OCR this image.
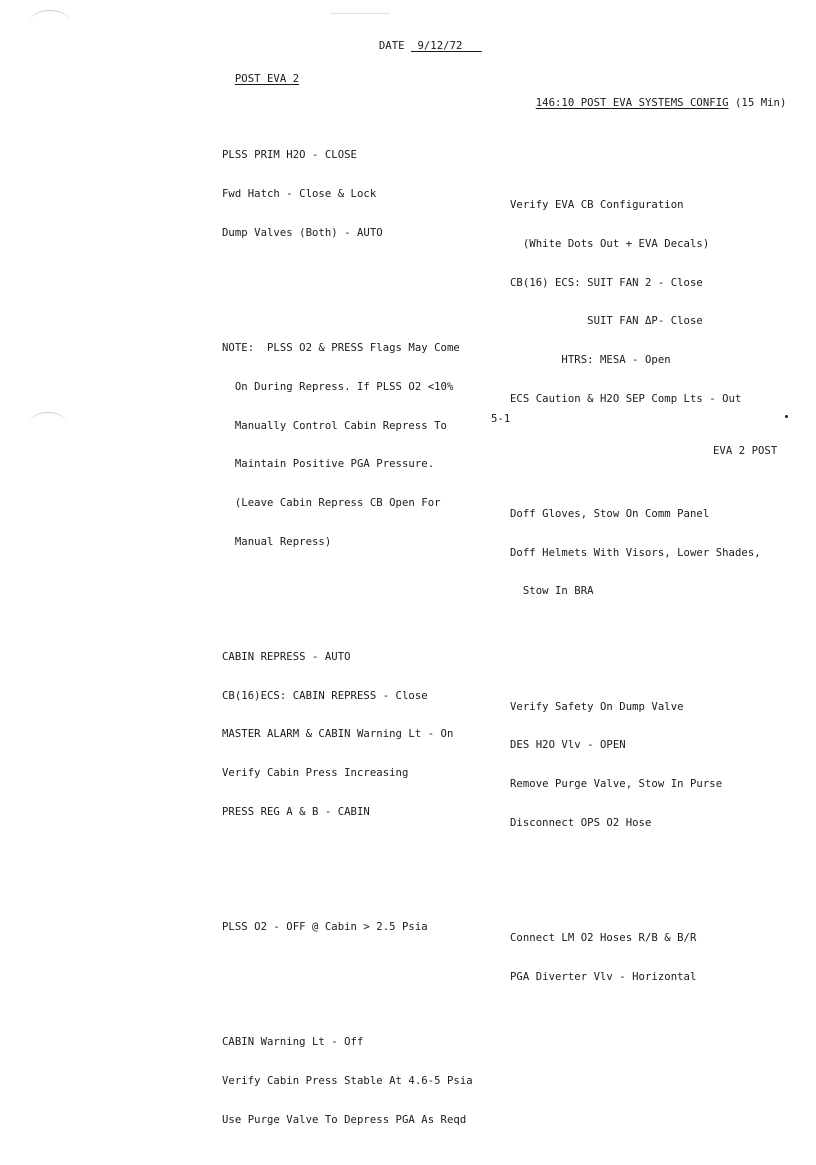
DATE 9/12/72

POST EVA 2

PLSS PRIM H2O - CLOSE

Fwd Hatch - Close & Lock

Dump Valves (Both) - AUTO

NOTE:  PLSS O2 & PRESS Flags May Come

On During Repress. If PLSS O2 <10%

Manually Control Cabin Repress To

Maintain Positive PGA Pressure.

(Leave Cabin Repress CB Open For

Manual Repress)

CABIN REPRESS - AUTO

CB(16)ECS: CABIN REPRESS - Close

MASTER ALARM & CABIN Warning Lt - On

Verify Cabin Press Increasing

PRESS REG A & B - CABIN

PLSS O2 - OFF @ Cabin > 2.5 Psia

CABIN Warning Lt - Off

Verify Cabin Press Stable At 4.6-5 Psia

Use Purge Valve To Depress PGA As Reqd

146:10 POST EVA SYSTEMS CONFIG (15 Min)

Verify EVA CB Configuration

(White Dots Out + EVA Decals)

CB(16) ECS: SUIT FAN 2 - Close

SUIT FAN ΔP- Close

HTRS: MESA - Open

ECS Caution & H2O SEP Comp Lts - Out

Doff Gloves, Stow On Comm Panel

Doff Helmets With Visors, Lower Shades,

Stow In BRA

Verify Safety On Dump Valve

DES H2O Vlv - OPEN

Remove Purge Valve, Stow In Purse

Disconnect OPS O2 Hose

Connect LM O2 Hoses R/B & B/R

PGA Diverter Vlv - Horizontal

5-1
EVA 2 POST
